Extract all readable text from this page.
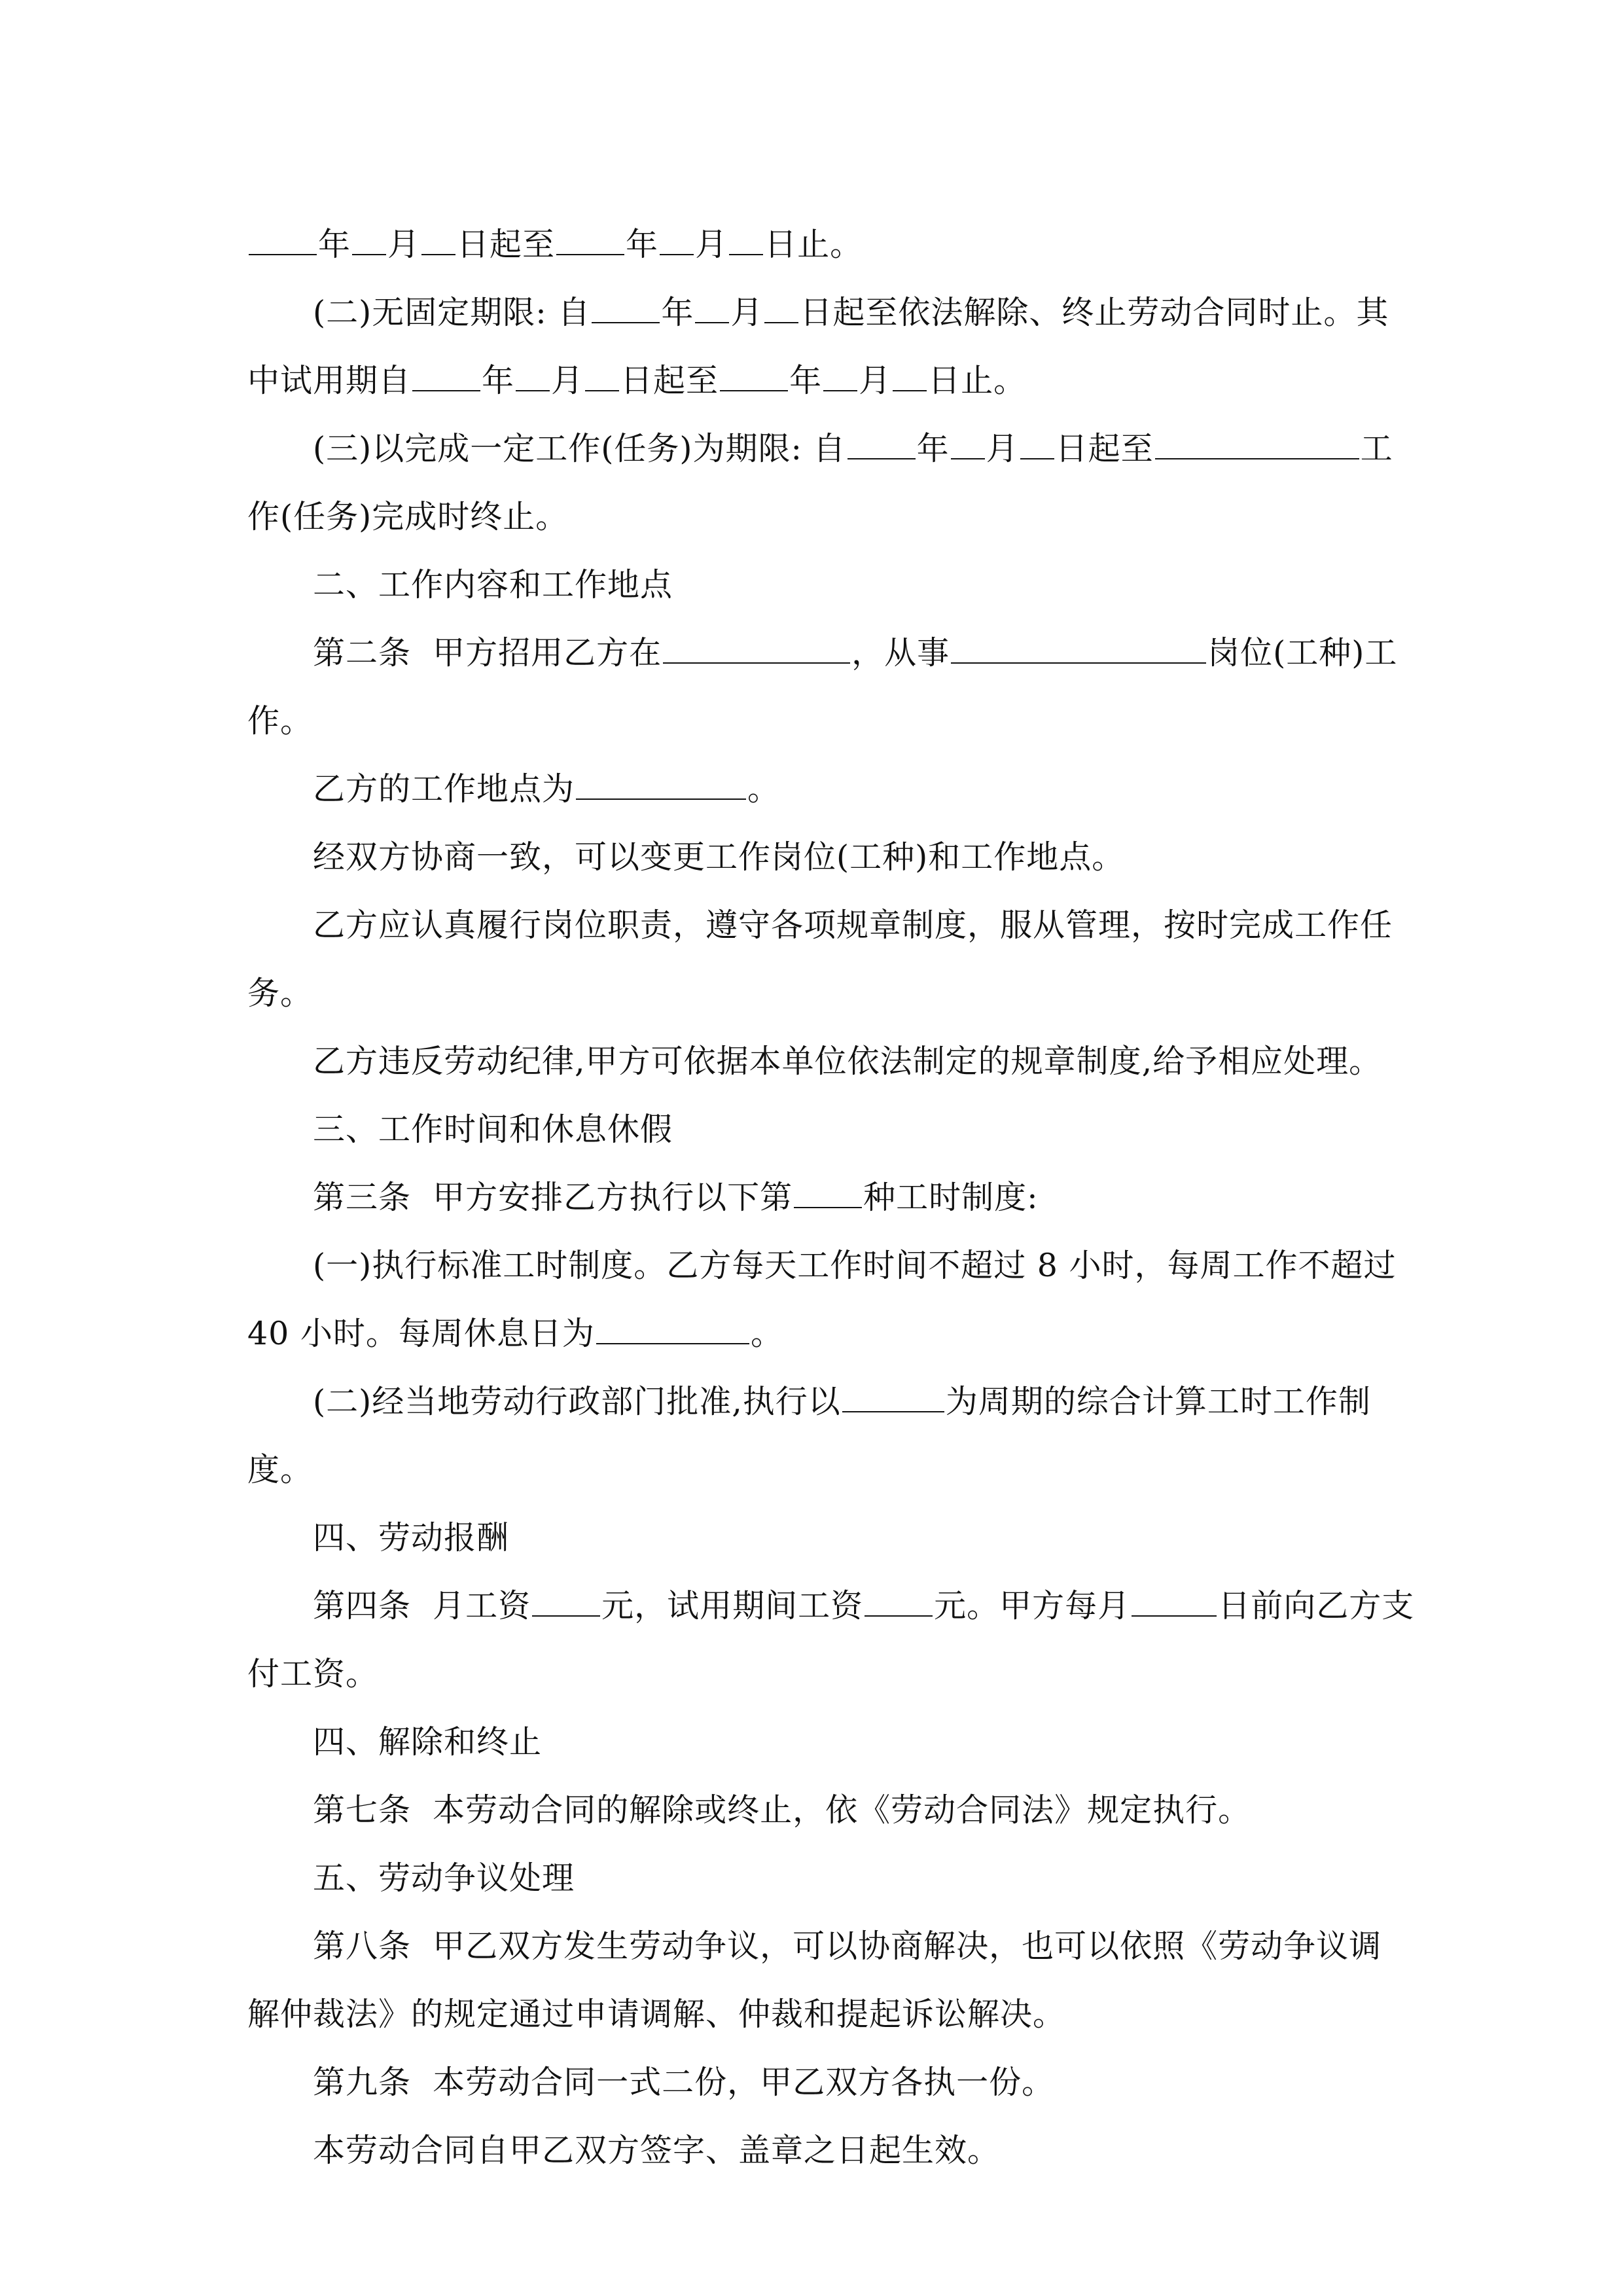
年 月 日起至 年 月 日止。

(二)无固定期限: 自 年 月 日起至依法解除、终止劳动合同时止。其

中试用期自 年 月 日起至 年 月 日止。

(三)以完成一定工作(任务)为期限: 自 年 月 日起至	工

作(任务)完成时终止。

二、工作内容和工作地点

第二条  甲方招用乙方在	，从事	岗位(工种)工

作。

乙方的工作地点为	。

经双方协商一致，可以变更工作岗位(工种)和工作地点。

乙方应认真履行岗位职责，遵守各项规章制度，服从管理，按时完成工作任

务。

乙方违反劳动纪律,甲方可依据本单位依法制定的规章制度,给予相应处理。

三、工作时间和休息休假

第三条  甲方安排乙方执行以下第 种工时制度:

(一)执行标准工时制度。乙方每天工作时间不超过 8 小时，每周工作不超过

40 小时。每周休息日为	。

(二)经当地劳动行政部门批准,执行以	为周期的综合计算工时工作制

度。

四、劳动报酬

第四条  月工资 元，试用期间工资 元。甲方每月	日前向乙方支

付工资。

四、解除和终止

第七条  本劳动合同的解除或终止，依《劳动合同法》规定执行。

五、劳动争议处理

第八条  甲乙双方发生劳动争议，可以协商解决，也可以依照《劳动争议调

解仲裁法》的规定通过申请调解、仲裁和提起诉讼解决。

第九条  本劳动合同一式二份，甲乙双方各执一份。

本劳动合同自甲乙双方签字、盖章之日起生效。
